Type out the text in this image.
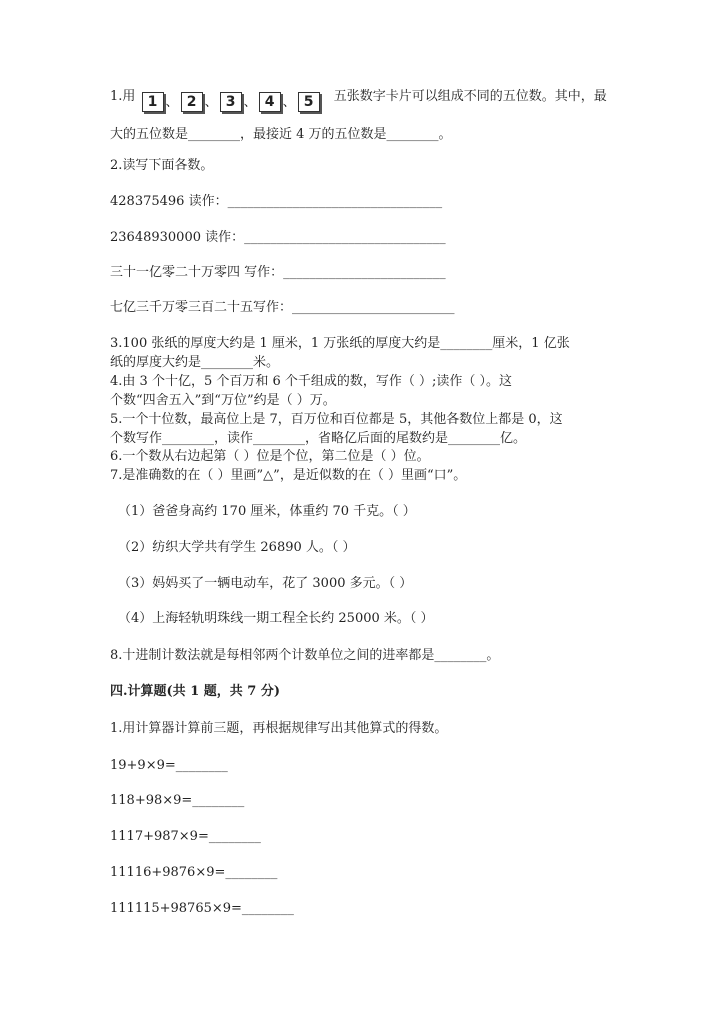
1.用 1 、 2 、 3 、 4 、 5	五张数字卡片可以组成不同的五位数。其中，最
大的五位数是________，最接近 4 万的五位数是________。
2.读写下面各数。
428375496 读作：_________________________________
23648930000 读作：_______________________________
三十一亿零二十万零四 写作：_________________________
七亿三千万零三百二十五写作：_________________________
3.100 张纸的厚度大约是 1 厘米，1 万张纸的厚度大约是________厘米，1 亿张
纸的厚度大约是________米。
4.由 3 个十亿，5 个百万和 6 个千组成的数，写作（ ）;读作（ ）。这
个数“四舍五入”到“万位”约是（ ）万。
5.一个十位数，最高位上是 7，百万位和百位都是 5，其他各数位上都是 0，这
个数写作________，读作________，省略亿后面的尾数约是________亿。
6.一个数从右边起第（ ）位是个位，第二位是（ ）位。
7.是准确数的在（ ）里画”△”，是近似数的在（ ）里画“口”。
（1）爸爸身高约 170 厘米，体重约 70 千克。（ ）
（2）纺织大学共有学生 26890 人。（ ）
（3）妈妈买了一辆电动车，花了 3000 多元。（ ）
（4）上海轻轨明珠线一期工程全长约 25000 米。（ ）
8.十进制计数法就是每相邻两个计数单位之间的进率都是________。
四.计算题(共 1 题，共 7 分)
1.用计算器计算前三题，再根据规律写出其他算式的得数。
19+9×9=________
118+98×9=________
1117+987×9=________
11116+9876×9=________
111115+98765×9=________
